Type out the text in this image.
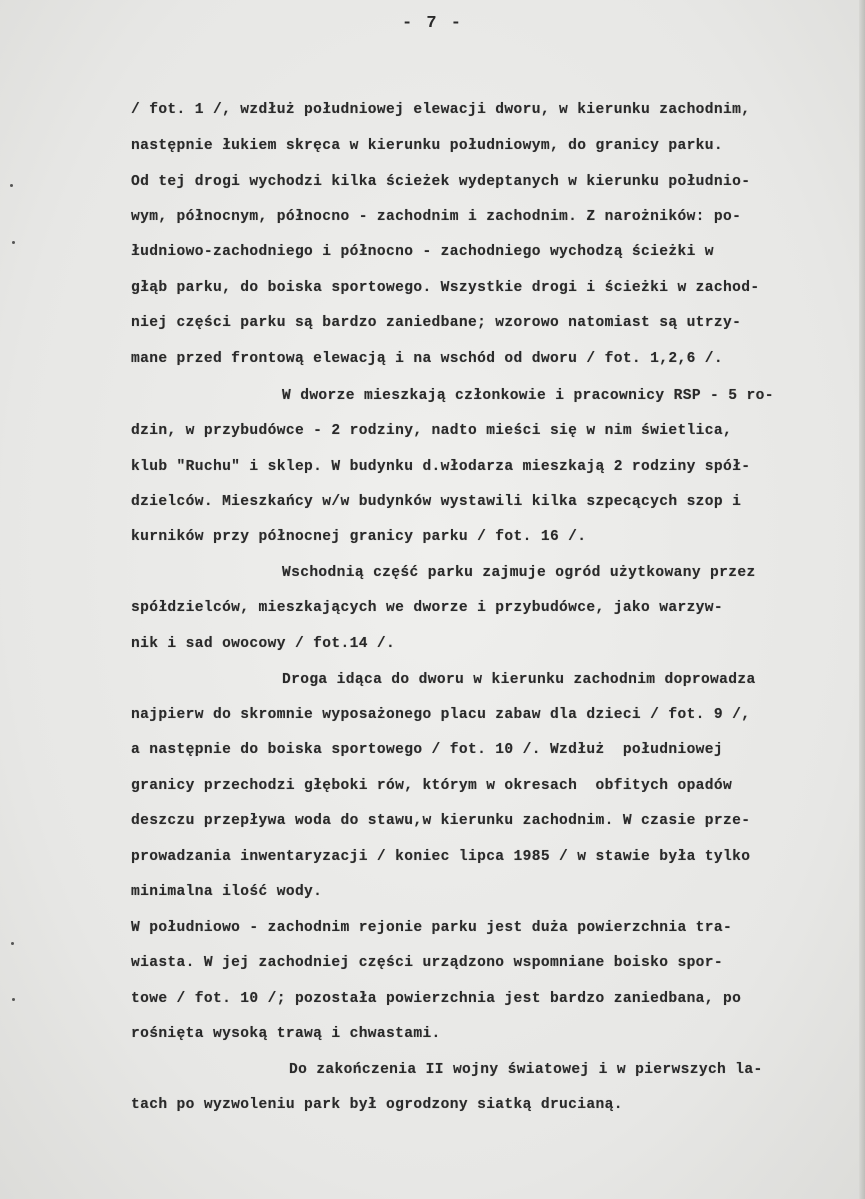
- 7 -
/ fot. 1 /, wzdłuż południowej elewacji dworu, w kierunku zachodnim,
następnie łukiem skręca w kierunku południowym, do granicy parku.
Od tej drogi wychodzi kilka ścieżek wydeptanych w kierunku południo-
wym, północnym, północno - zachodnim i zachodnim. Z narożników: po-
łudniowo-zachodniego i północno - zachodniego wychodzą ścieżki w
głąb parku, do boiska sportowego. Wszystkie drogi i ścieżki w zachod-
niej części parku są bardzo zaniedbane; wzorowo natomiast są utrzy-
mane przed frontową elewacją i na wschód od dworu / fot. 1,2,6 /.
W dworze mieszkają członkowie i pracownicy RSP - 5 ro-
dzin, w przybudówce - 2 rodziny, nadto mieści się w nim świetlica,
klub "Ruchu" i sklep. W budynku d.włodarza mieszkają 2 rodziny spół-
dzielców. Mieszkańcy w/w budynków wystawili kilka szpecących szop i
kurników przy północnej granicy parku / fot. 16 /.
Wschodnią część parku zajmuje ogród użytkowany przez
spółdzielców, mieszkających we dworze i przybudówce, jako warzyw-
nik i sad owocowy / fot.14 /.
Droga idąca do dworu w kierunku zachodnim doprowadza
najpierw do skromnie wyposażonego placu zabaw dla dzieci / fot. 9 /,
a następnie do boiska sportowego / fot. 10 /. Wzdłuż  południowej
granicy przechodzi głęboki rów, którym w okresach  obfitych opadów
deszczu przepływa woda do stawu,w kierunku zachodnim. W czasie prze-
prowadzania inwentaryzacji / koniec lipca 1985 / w stawie była tylko
minimalna ilość wody.
W południowo - zachodnim rejonie parku jest duża powierzchnia tra-
wiasta. W jej zachodniej części urządzono wspomniane boisko spor-
towe / fot. 10 /; pozostała powierzchnia jest bardzo zaniedbana, po
rośnięta wysoką trawą i chwastami.
Do zakończenia II wojny światowej i w pierwszych la-
tach po wyzwoleniu park był ogrodzony siatką drucianą.
